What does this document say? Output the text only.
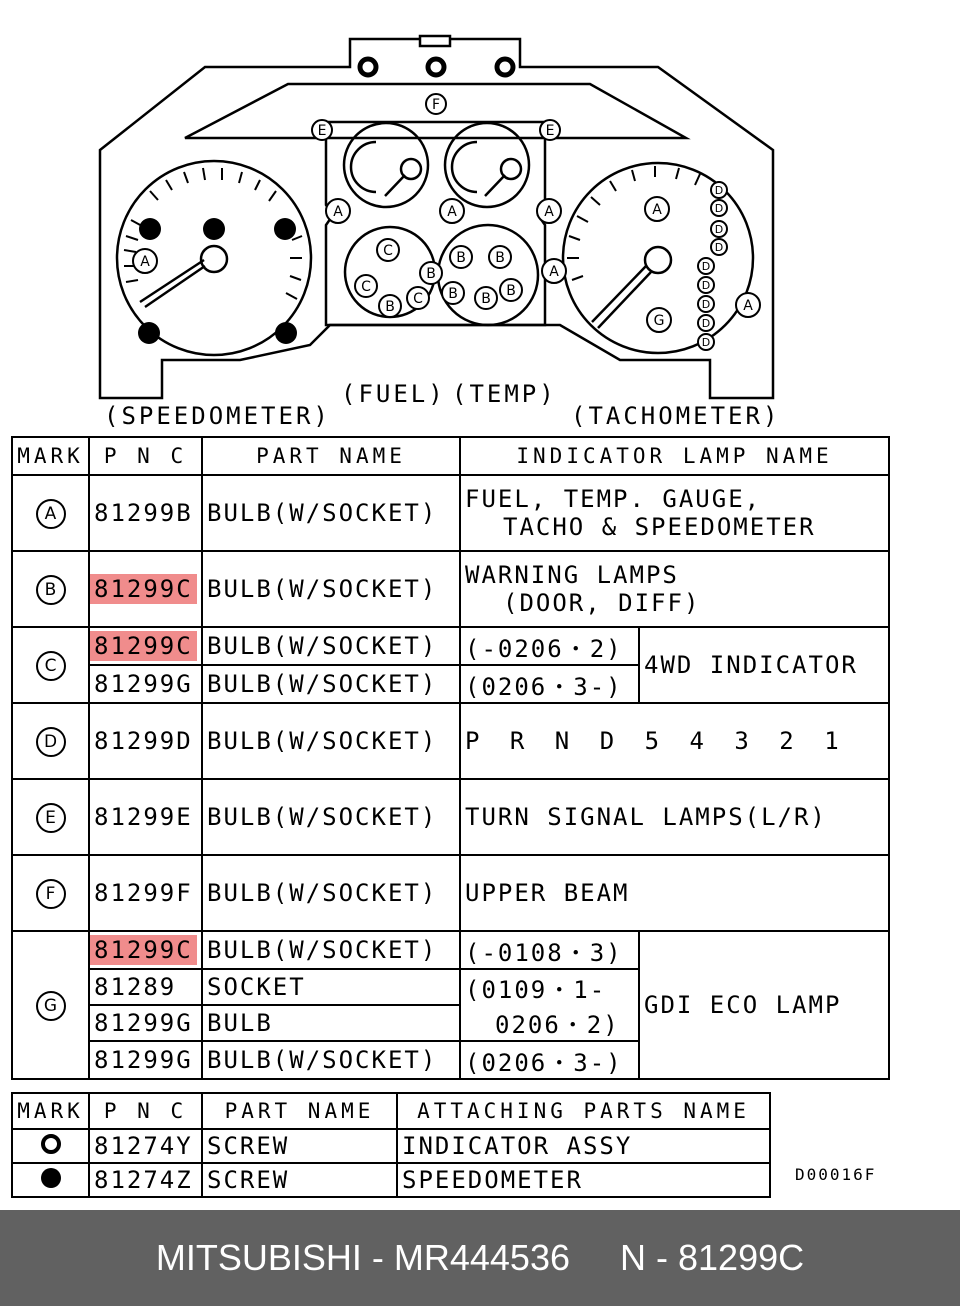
F
E	E
A
A	A	A	A
A
A
C
C
C
B
B
B B
B B B
G
D
D
D
D
D
D
D
D
D
(SPEEDOMETER)
(FUEL) (TEMP)
(TACHOMETER)
MARK	P N C	PART NAME	INDICATOR LAMP NAME	
A	81299B	BULB(W/SOCKET)	FUEL, TEMP. GAUGE,
TACHO & SPEEDOMETER	
B	81299C	BULB(W/SOCKET)	WARNING LAMPS
(DOOR, DIFF)	
C	81299C	BULB(W/SOCKET)	(-0206・2)	4WD INDICATOR
	81299G	BULB(W/SOCKET)	(0206・3-)	
D	81299D	BULB(W/SOCKET)	P R N D 5 4 3 2 1	
E	81299E	BULB(W/SOCKET)	TURN SIGNAL LAMPS(L/R)	
F	81299F	BULB(W/SOCKET)	UPPER BEAM	
G	81299C	BULB(W/SOCKET)	(-0108・3)	GDI ECO LAMP
	81289	SOCKET	(0109・1-
0206・2)	
	81299G	BULB		
	81299G	BULB(W/SOCKET)	(0206・3-)	
MARK	P N C	PART NAME	ATTACHING PARTS NAME
	81274Y	SCREW	INDICATOR ASSY
	81274Z	SCREW	SPEEDOMETER	D00016F
MITSUBISHI - MR444536     N - 81299C
